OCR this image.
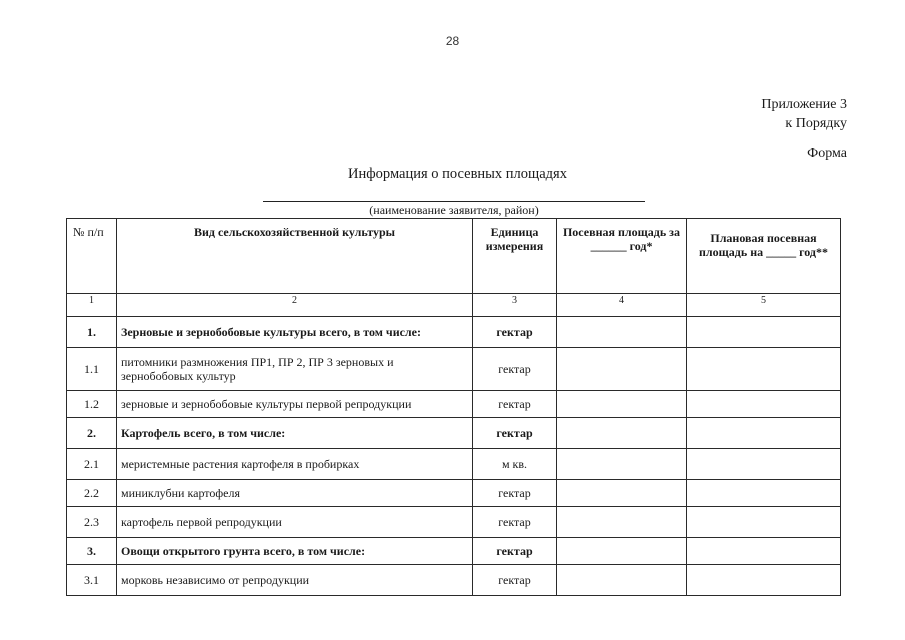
28
Приложение 3
к Порядку
Форма
Информация о посевных площадях
(наименование заявителя, район)
№ п/п	Вид сельскохозяйственной культуры	Единица измерения	Посевная площадь за ______ год*	Плановая посевная площадь на _____ год**
1	2	3	4	5
1.	Зерновые и зернобобовые культуры всего, в том числе:	гектар		
1.1	питомники размножения ПР1, ПР 2, ПР 3 зерновых и зернобобовых культур	гектар		
1.2	зерновые и зернобобовые культуры первой репродукции	гектар		
2.	Картофель всего, в том числе:	гектар		
2.1	меристемные растения картофеля в пробирках	м кв.		
2.2	миниклубни картофеля	гектар		
2.3	картофель первой репродукции	гектар		
3.	Овощи открытого грунта всего, в том числе:	гектар		
3.1	морковь независимо от репродукции	гектар		
